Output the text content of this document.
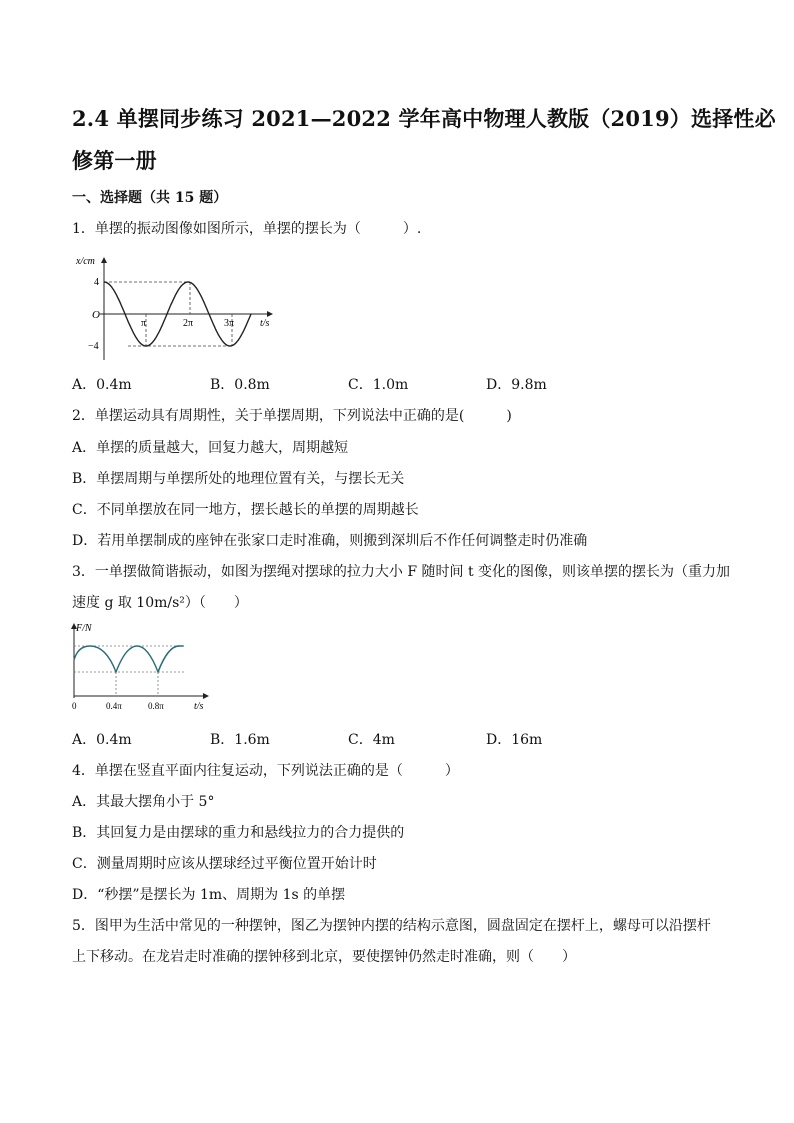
2.4 单摆同步练习 2021—2022 学年高中物理人教版（2019）选择性必
修第一册
一、选择题（共 15 题）
1．单摆的振动图像如图所示，单摆的摆长为（　　　）.
x/cm
4
O
−4
π	2π	3π	t/s
A．0.4m	B．0.8m	C．1.0m	D．9.8m
2．单摆运动具有周期性，关于单摆周期，下列说法中正确的是(　　　)
A．单摆的质量越大，回复力越大，周期越短
B．单摆周期与单摆所处的地理位置有关，与摆长无关
C．不同单摆放在同一地方，摆长越长的单摆的周期越长
D．若用单摆制成的座钟在张家口走时准确，则搬到深圳后不作任何调整走时仍准确
3．一单摆做简谐振动，如图为摆绳对摆球的拉力大小 F 随时间 t 变化的图像，则该单摆的摆长为（重力加
速度 g 取 10m/s²）（　　）
F/N
0	0.4π	0.8π	t/s
A．0.4m	B．1.6m	C．4m	D．16m
4．单摆在竖直平面内往复运动，下列说法正确的是（　　　）
A．其最大摆角小于 5°
B．其回复力是由摆球的重力和悬线拉力的合力提供的
C．测量周期时应该从摆球经过平衡位置开始计时
D．“秒摆”是摆长为 1m、周期为 1s 的单摆
5．图甲为生活中常见的一种摆钟，图乙为摆钟内摆的结构示意图，圆盘固定在摆杆上，螺母可以沿摆杆
上下移动。在龙岩走时准确的摆钟移到北京，要使摆钟仍然走时准确，则（　　）
